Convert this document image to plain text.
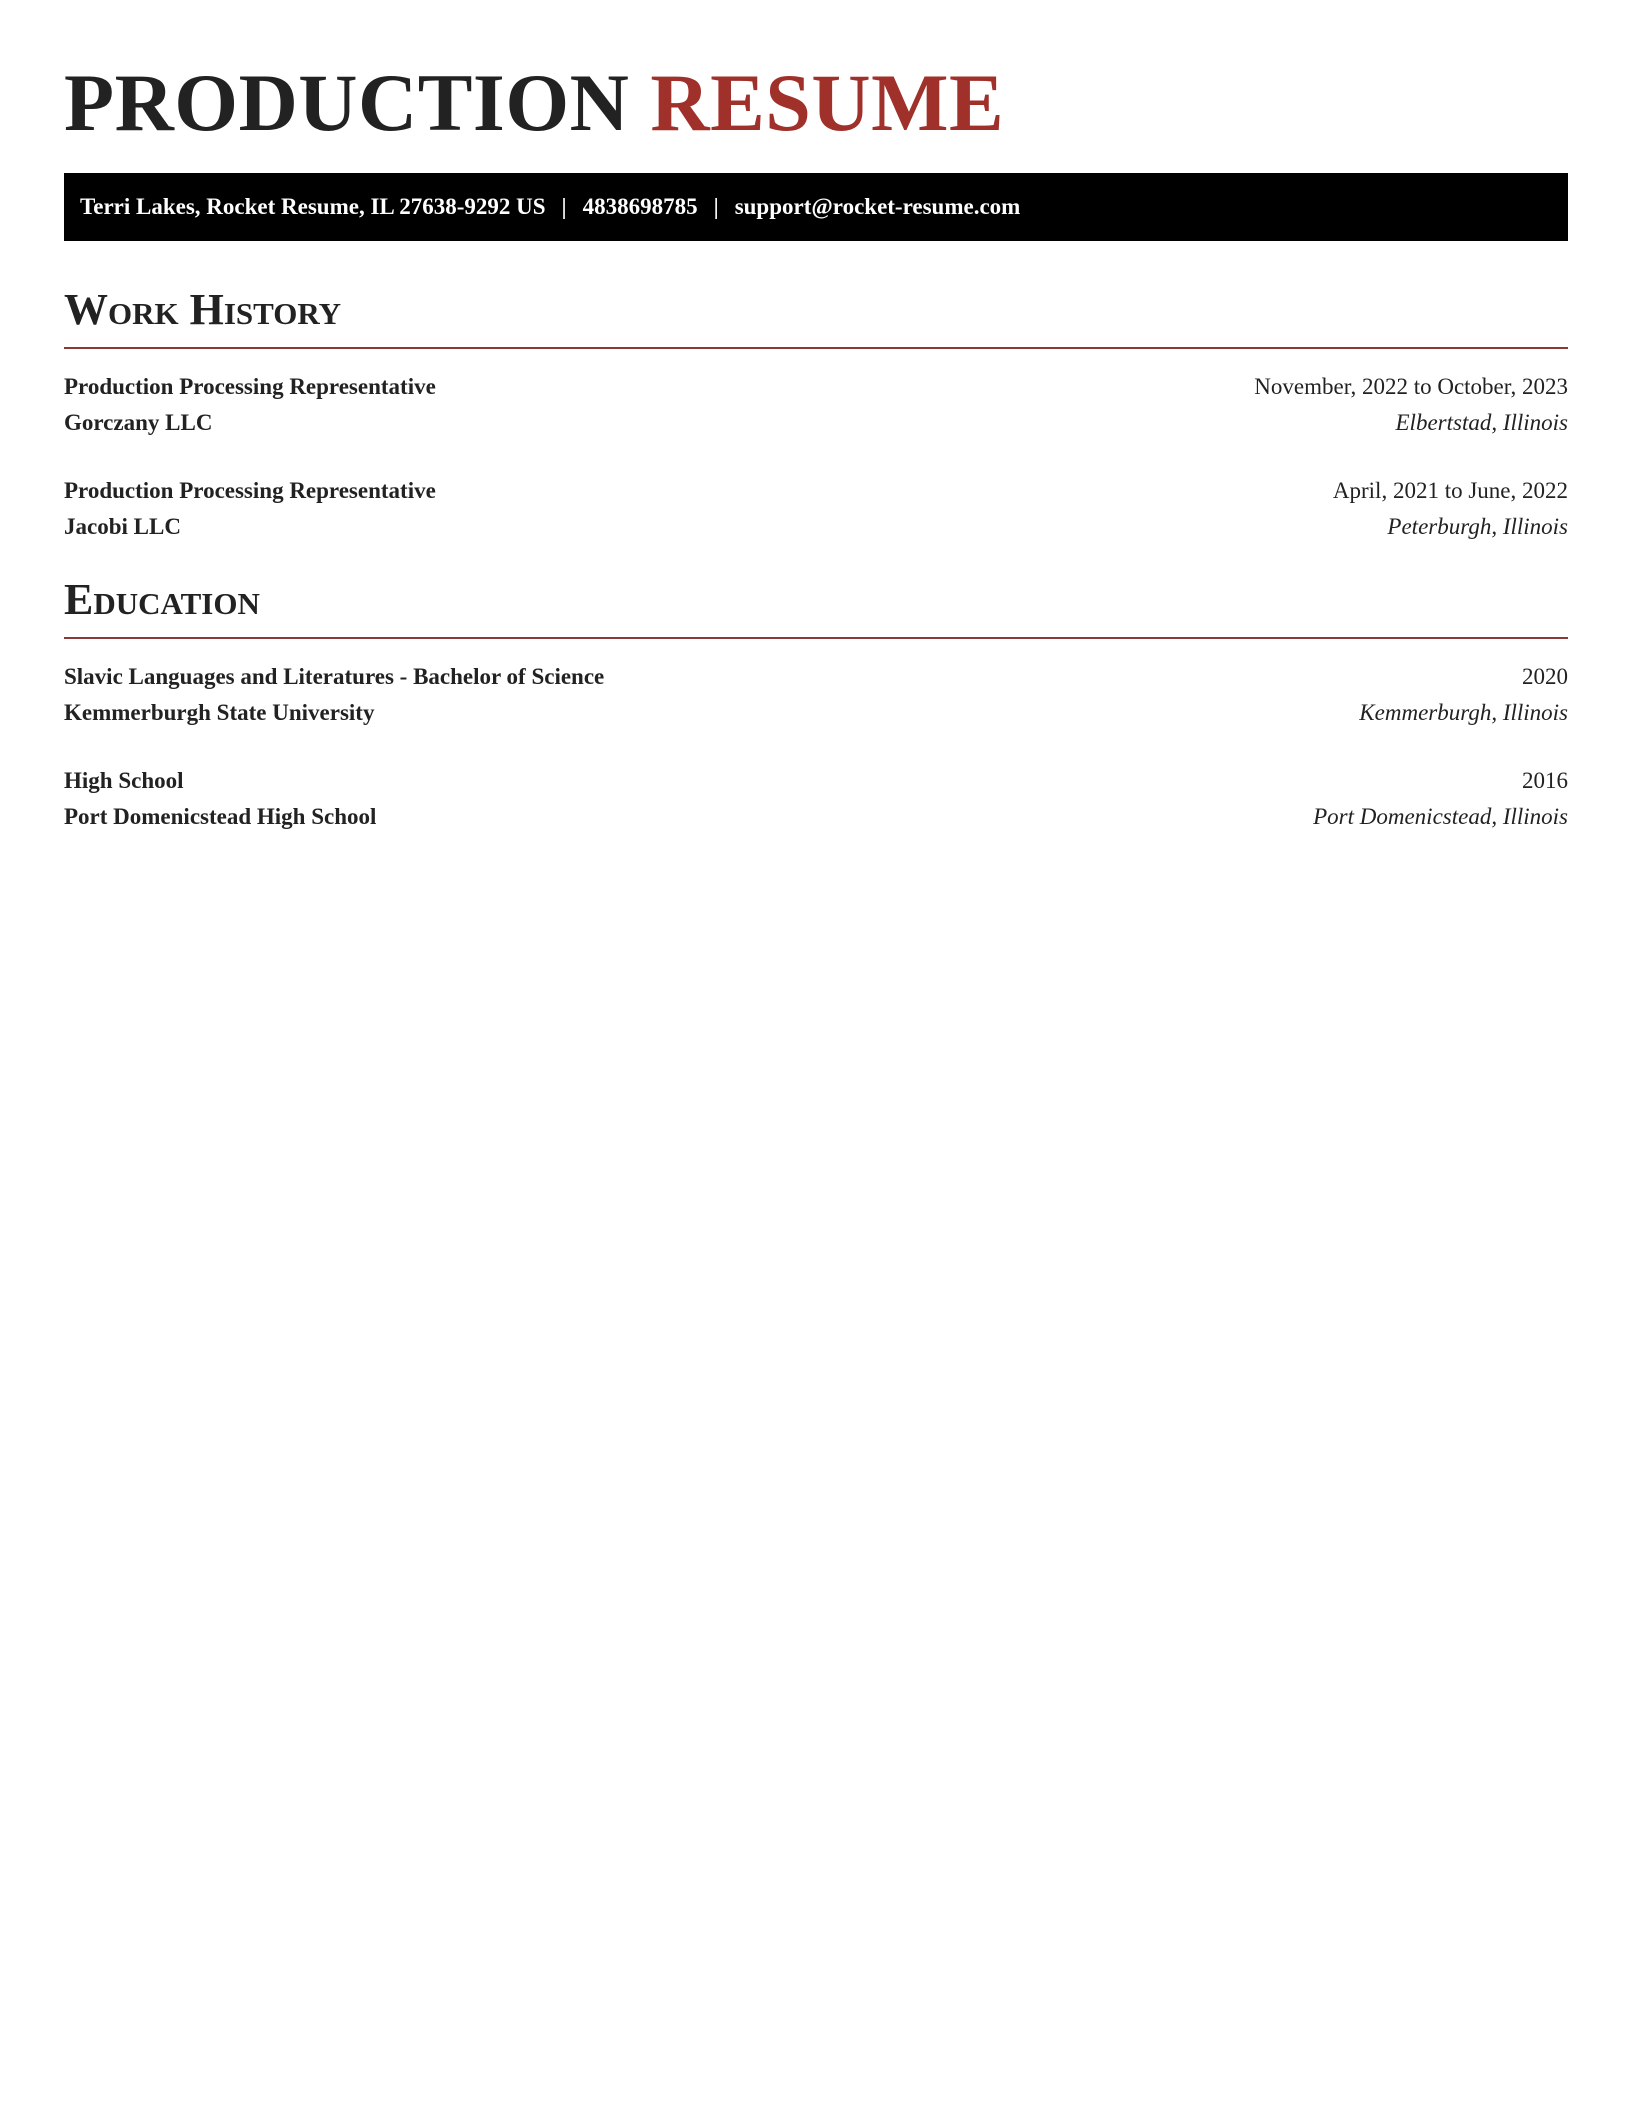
PRODUCTION RESUME
Terri Lakes, Rocket Resume, IL 27638-9292 US | 4838698785 | support@rocket-resume.com
Work History
Production Processing Representative	November, 2022 to October, 2023
Gorczany LLC	Elbertstad, Illinois
Production Processing Representative	April, 2021 to June, 2022
Jacobi LLC	Peterburgh, Illinois
Education
Slavic Languages and Literatures - Bachelor of Science	2020
Kemmerburgh State University	Kemmerburgh, Illinois
High School	2016
Port Domenicstead High School	Port Domenicstead, Illinois
